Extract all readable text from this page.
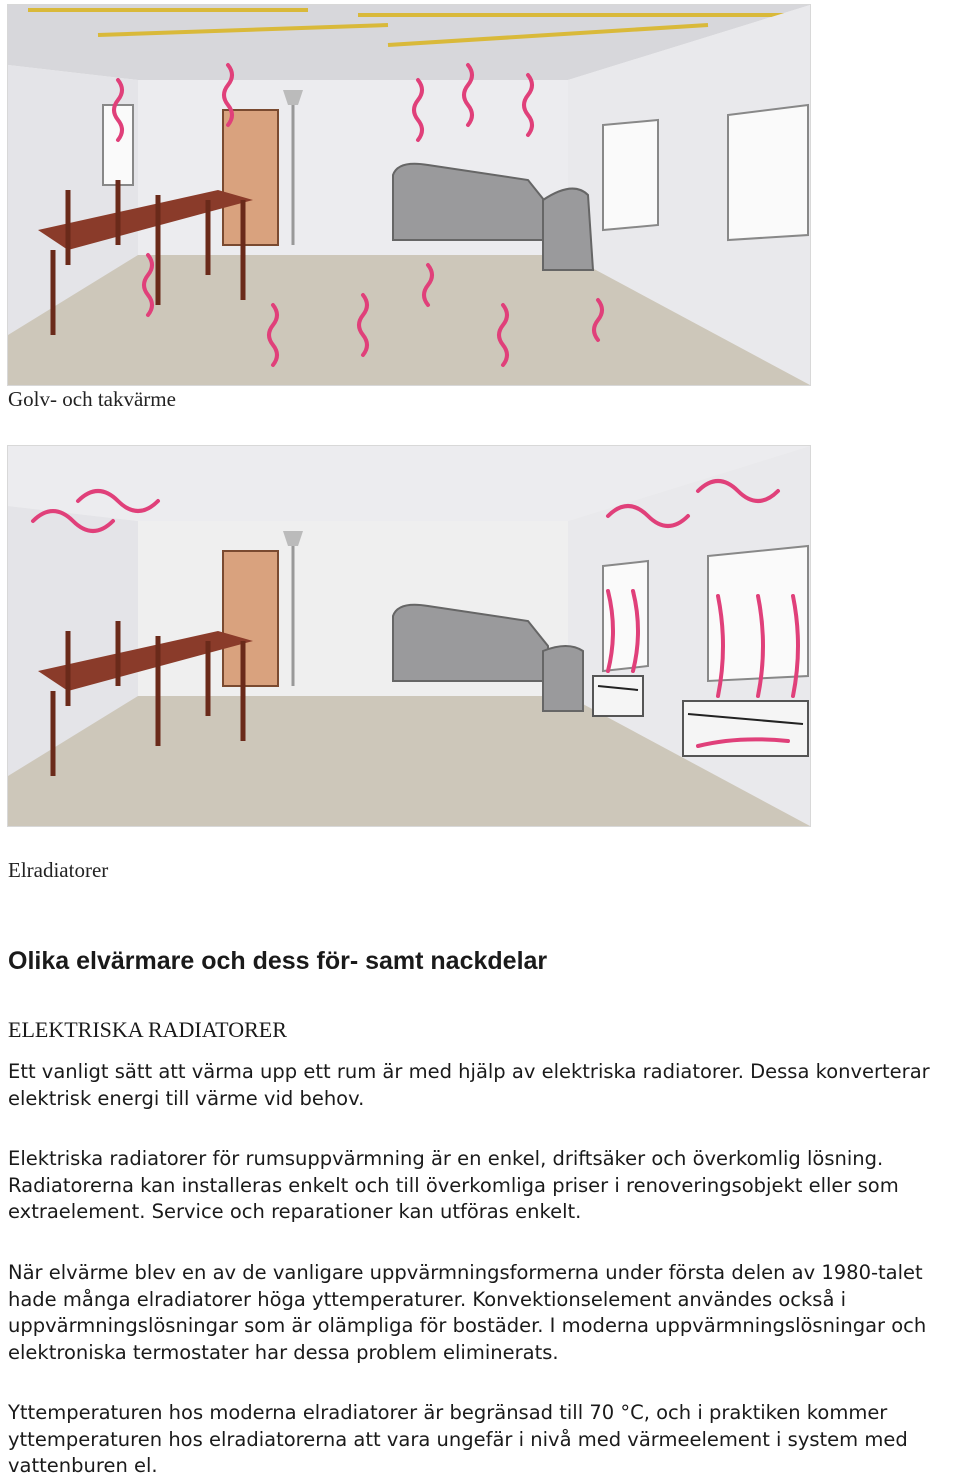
Golv- och takvärme
Elradiatorer
Olika elvärmare och dess för- samt nackdelar
ELEKTRISKA RADIATORER

Ett vanligt sätt att värma upp ett rum är med hjälp av elektriska radiatorer. Dessa konverterar elektrisk energi till värme vid behov.

Elektriska radiatorer för rumsuppvärmning är en enkel, driftsäker och överkomlig lösning. Radiatorerna kan installeras enkelt och till överkomliga priser i renoveringsobjekt eller som extraelement. Service och reparationer kan utföras enkelt.

När elvärme blev en av de vanligare uppvärmningsformerna under första delen av 1980-talet hade många elradiatorer höga yttemperaturer. Konvektionselement användes också i uppvärmningslösningar som är olämpliga för bostäder. I moderna uppvärmningslösningar och elektroniska termostater har dessa problem eliminerats.

Yttemperaturen hos moderna elradiatorer är begränsad till 70 °C, och i praktiken kommer yttemperaturen hos elradiatorerna att vara ungefär i nivå med värmeelement i system med vattenburen el.
